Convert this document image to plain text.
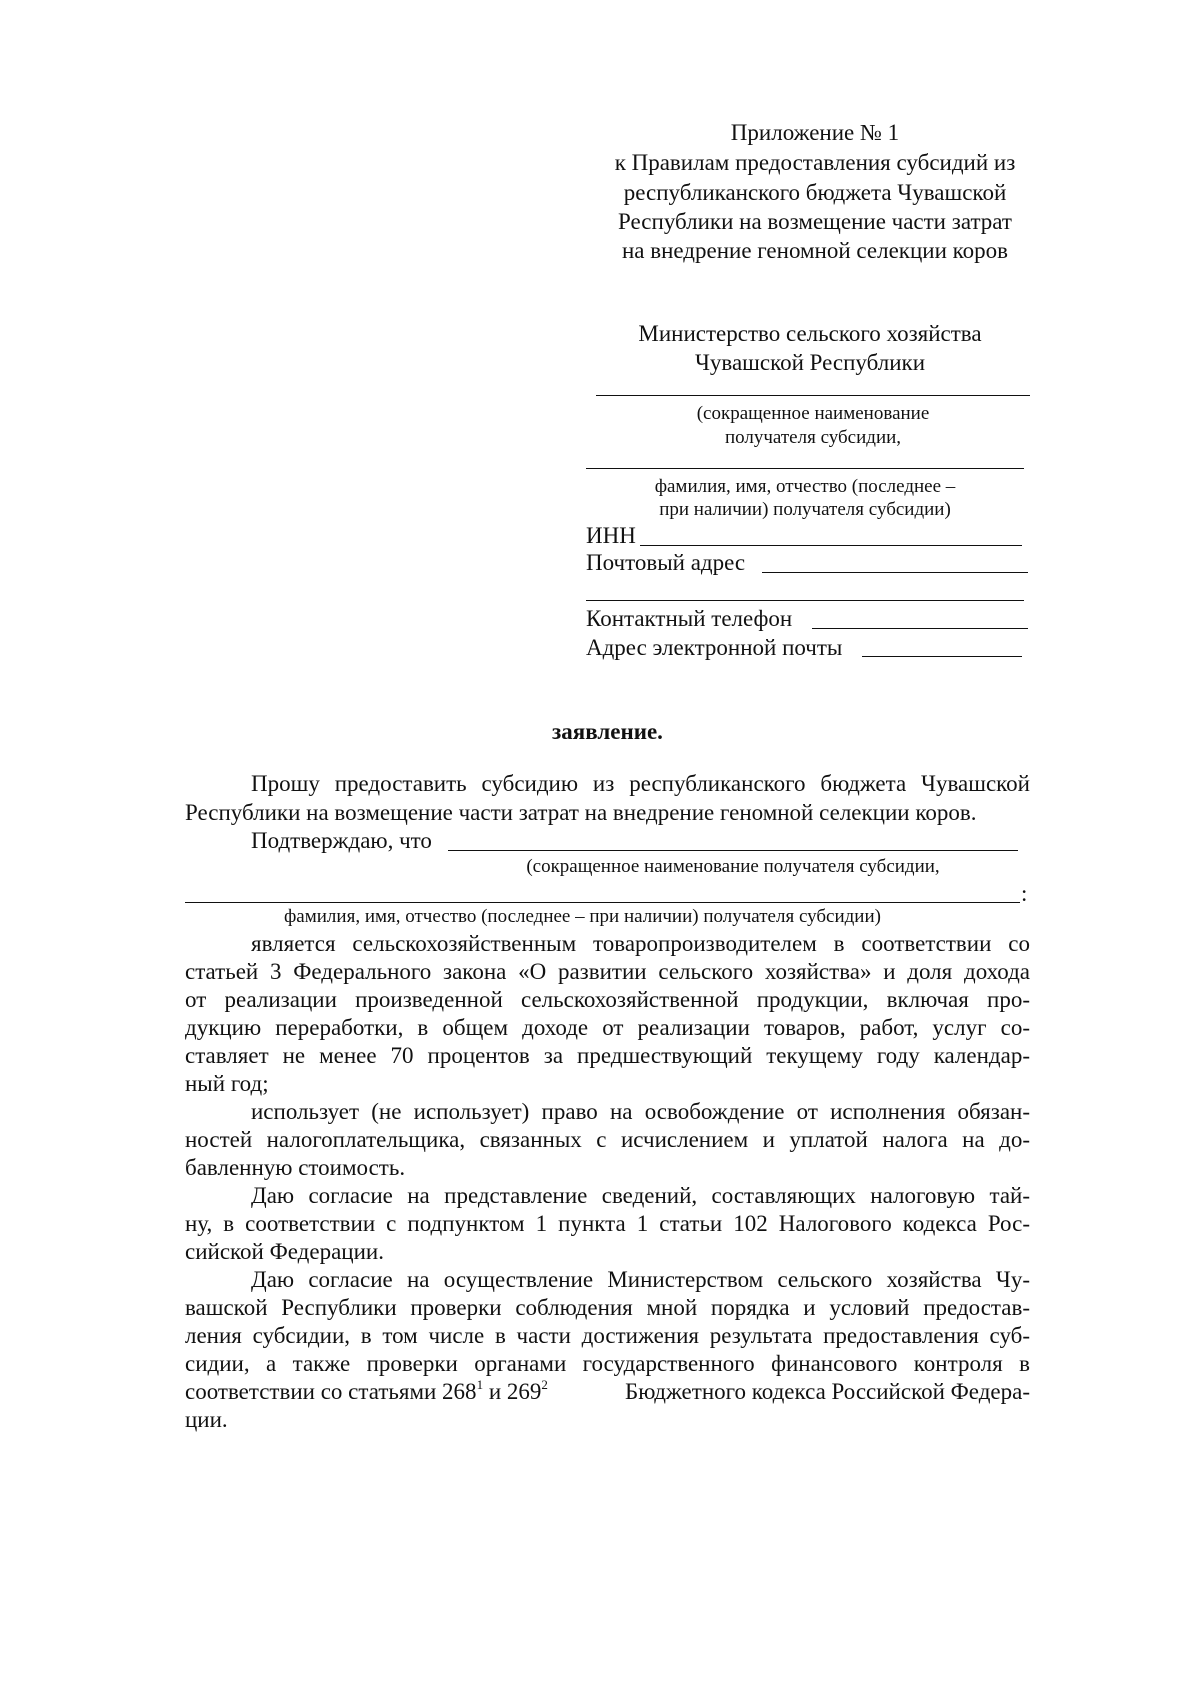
Приложение № 1
к Правилам предоставления субсидий из
республиканского бюджета Чувашской
Республики на возмещение части затрат
на внедрение геномной селекции коров
Министерство сельского хозяйства
Чувашской Республики
(сокращенное наименование
получателя субсидии,
фамилия, имя, отчество (последнее –
при наличии) получателя субсидии)
ИНН
Почтовый адрес
Контактный телефон
Адрес электронной почты
заявление.
Прошу предоставить субсидию из республиканского бюджета Чувашской
Республики на возмещение части затрат на внедрение геномной селекции коров.
Подтверждаю, что
(сокращенное наименование получателя субсидии,
:
фамилия, имя, отчество (последнее – при наличии) получателя субсидии)
является сельскохозяйственным товаропроизводителем в соответствии со
статьей 3 Федерального закона «О развитии сельского хозяйства» и доля дохода
от реализации произведенной сельскохозяйственной продукции, включая про-
дукцию переработки, в общем доходе от реализации товаров, работ, услуг со-
ставляет не менее 70 процентов за предшествующий текущему году календар-
ный год;
использует (не использует) право на освобождение от исполнения обязан-
ностей налогоплательщика, связанных с исчислением и уплатой налога на до-
бавленную стоимость.
Даю согласие на представление сведений, составляющих налоговую тай-
ну, в соответствии с подпунктом 1 пункта 1 статьи 102 Налогового кодекса Рос-
сийской Федерации.
Даю согласие на осуществление Министерством сельского хозяйства Чу-
вашской Республики проверки соблюдения мной порядка и условий предостав-
ления субсидии, в том числе в части достижения результата предоставления суб-
сидии, а также проверки органами государственного финансового контроля в
соответствии со статьями $268^1$ и $269^2$	Бюджетного кодекса Российской Федера-
ции.
